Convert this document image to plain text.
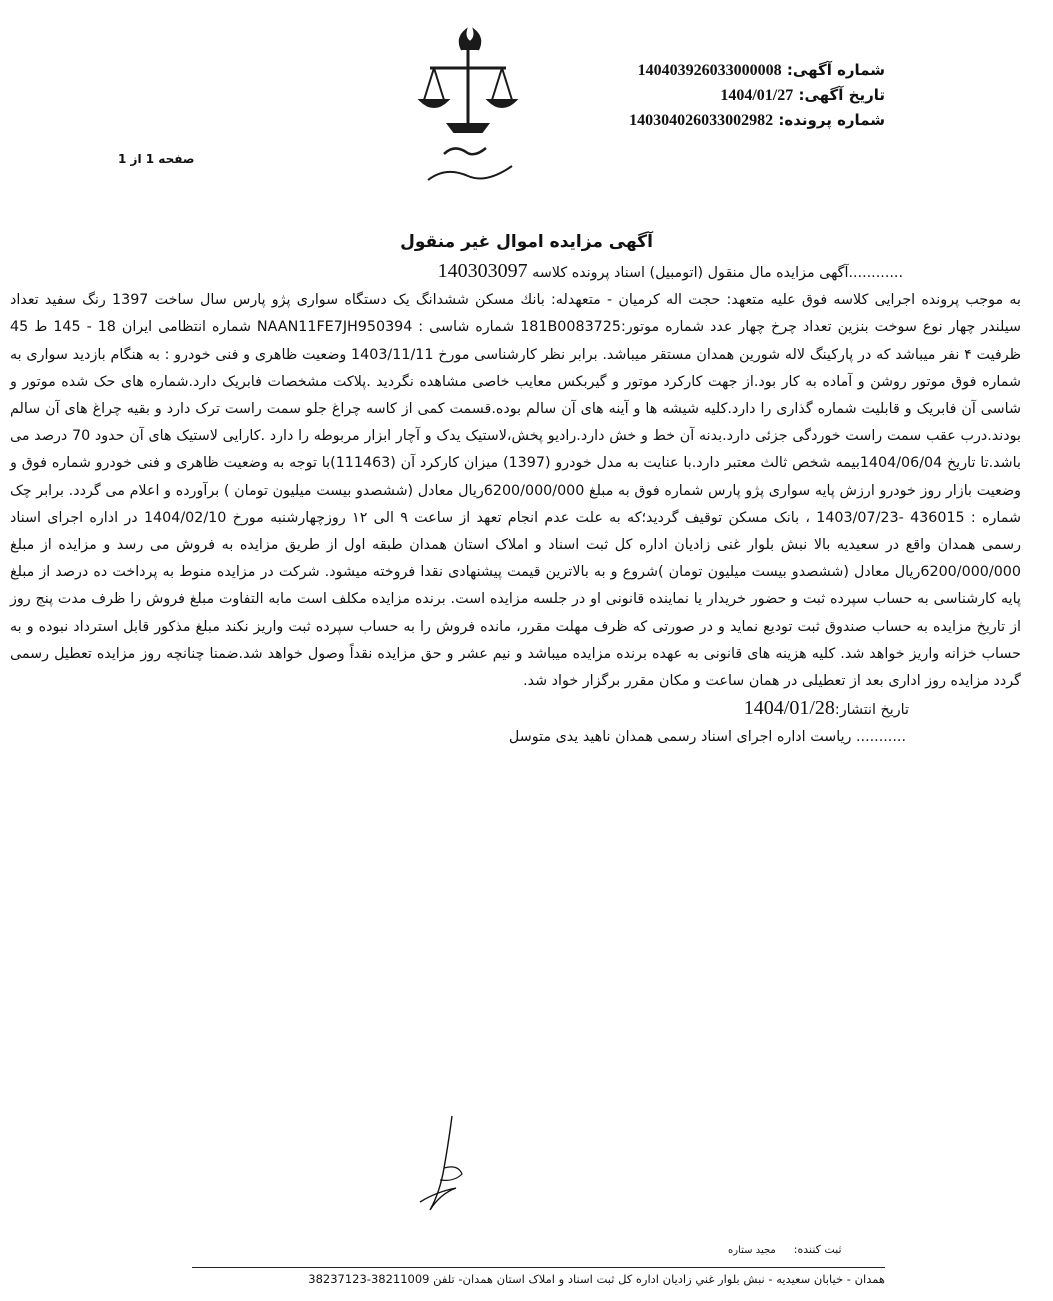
شماره آگهی: 140403926033000008
تاریخ آگهی: 1404/01/27
شماره پرونده: 140304026033002982
صفحه 1 از 1
آگهی مزایده اموال غیر منقول

............آگهی مزایده مال منقول (اتومبیل) اسناد پرونده کلاسه 140303097

به موجب پرونده اجرایی کلاسه فوق علیه متعهد: حجت اله کرمیان - متعهدله: بانك مسكن ششدانگ یک دستگاه سواری پژو پارس سال ساخت 1397 رنگ سفید تعداد سیلندر چهار نوع سوخت بنزین تعداد چرخ چهار عدد شماره موتور:181B0083725 شماره شاسی : NAAN11FE7JH950394 شماره انتظامی ایران 18 - 145 ط 45 ظرفیت ۴ نفر میباشد که در پارکینگ لاله شورین همدان مستقر میباشد. برابر نظر کارشناسی مورخ 1403/11/11 وضعیت ظاهری و فنی خودرو : به هنگام بازدید سواری به شماره فوق موتور روشن و آماده به کار بود.از جهت کارکرد موتور و گیربکس معایب خاصی مشاهده نگردید .پلاکت مشخصات فابریک دارد.شماره های حک شده موتور و شاسی آن فابریک و قابلیت شماره گذاری را دارد.کلیه شیشه ها و آینه های آن سالم بوده.قسمت کمی از کاسه چراغ جلو سمت راست ترک دارد و بقیه چراغ های آن سالم بودند.درب عقب سمت راست خوردگی جزئی دارد.بدنه آن خط و خش دارد.رادیو پخش،لاستیک یدک و آچار ابزار مربوطه را دارد .کارایی لاستیک های آن حدود 70 درصد می باشد.تا تاریخ 1404/06/04بیمه شخص ثالث معتبر دارد.با عنایت به مدل خودرو (1397) میزان کارکرد آن (111463)با توجه به وضعیت ظاهری و فنی خودرو شماره فوق و وضعیت بازار روز خودرو ارزش پایه سواری پژو پارس شماره فوق به مبلغ 6200/000/000ریال معادل (ششصدو بیست میلیون تومان ) برآورده و اعلام می گردد. برابر چک شماره : 436015 -1403/07/23 ، بانک مسکن توقیف گردید؛که به علت عدم انجام تعهد از ساعت ۹ الی ۱۲ روزچهارشنبه مورخ 1404/02/10 در اداره اجرای اسناد رسمی همدان واقع در سعیدیه بالا نبش بلوار غنی زادیان اداره کل ثبت اسناد و املاک استان همدان طبقه اول از طریق مزایده به فروش می رسد و مزایده از مبلغ 6200/000/000ریال معادل (ششصدو بیست میلیون تومان )شروع و به بالاترین قیمت پیشنهادی نقدا فروخته میشود. شرکت در مزایده منوط به پرداخت ده درصد از مبلغ پایه کارشناسی به حساب سپرده ثبت و حضور خریدار یا نماینده قانونی او در جلسه مزایده است. برنده مزایده مکلف است مابه التفاوت مبلغ فروش را ظرف مدت پنج روز از تاریخ مزایده به حساب صندوق ثبت تودیع نماید و در صورتی که ظرف مهلت مقرر، مانده فروش را به حساب سپرده ثبت واریز نکند مبلغ مذکور قابل استرداد نبوده و به حساب خزانه واریز خواهد شد. کلیه هزینه های قانونی به عهده برنده مزایده میباشد و نیم عشر و حق مزایده نقداً وصول خواهد شد.ضمنا چنانچه روز مزایده تعطیل رسمی گردد مزایده روز اداری بعد از تعطیلی در همان ساعت و مکان مقرر برگزار خواد شد.

تاریخ انتشار:1404/01/28

........... ریاست اداره اجرای اسناد رسمی همدان ناهید یدی متوسل

ثبت کننده:مجید ستاره
همدان - خیابان سعیدیه - نبش بلوار غني زادیان اداره کل ثبت اسناد و املاک استان همدان- تلفن 38211009-38237123
